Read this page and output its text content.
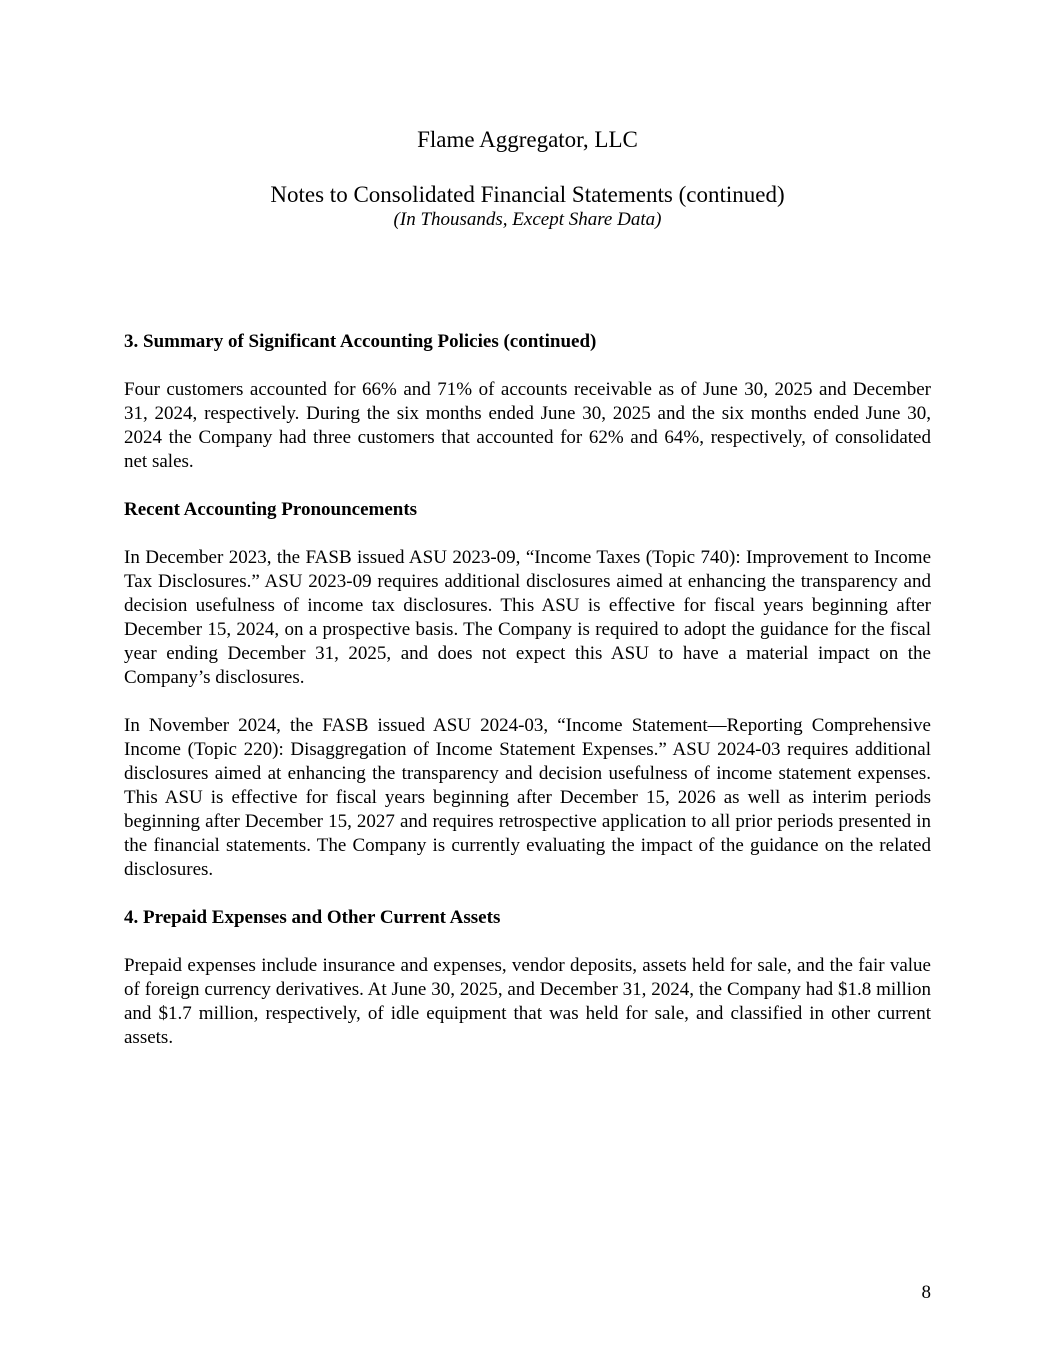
Flame Aggregator, LLC
Notes to Consolidated Financial Statements (continued)
(In Thousands, Except Share Data)
3. Summary of Significant Accounting Policies (continued)

Four customers accounted for 66% and 71% of accounts receivable as of June 30, 2025 and December 31, 2024, respectively. During the six months ended June 30, 2025 and the six months ended June 30, 2024 the Company had three customers that accounted for 62% and 64%, respectively, of consolidated net sales.

Recent Accounting Pronouncements

In December 2023, the FASB issued ASU 2023-09, “Income Taxes (Topic 740): Improvement to Income Tax Disclosures.” ASU 2023-09 requires additional disclosures aimed at enhancing the transparency and decision usefulness of income tax disclosures. This ASU is effective for fiscal years beginning after December 15, 2024, on a prospective basis. The Company is required to adopt the guidance for the fiscal year ending December 31, 2025, and does not expect this ASU to have a material impact on the Company’s disclosures.

In November 2024, the FASB issued ASU 2024-03, “Income Statement—Reporting Comprehensive Income (Topic 220): Disaggregation of Income Statement Expenses.” ASU 2024-03 requires additional disclosures aimed at enhancing the transparency and decision usefulness of income statement expenses. This ASU is effective for fiscal years beginning after December 15, 2026 as well as interim periods beginning after December 15, 2027 and requires retrospective application to all prior periods presented in the financial statements. The Company is currently evaluating the impact of the guidance on the related disclosures.

4. Prepaid Expenses and Other Current Assets

Prepaid expenses include insurance and expenses, vendor deposits, assets held for sale, and the fair value of foreign currency derivatives. At June 30, 2025, and December 31, 2024, the Company had $1.8 million and $1.7 million, respectively, of idle equipment that was held for sale, and classified in other current assets.

8
